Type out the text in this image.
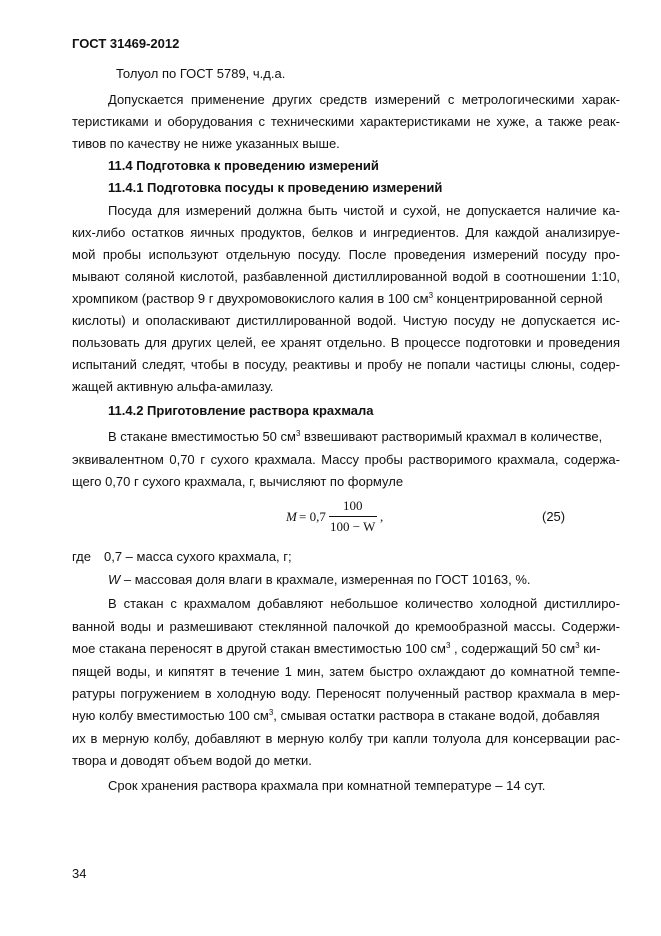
ГОСТ 31469-2012
Толуол по ГОСТ 5789, ч.д.а.
Допускается применение других средств измерений с метрологическими харак-
теристиками и оборудования с техническими характеристиками не хуже, а также реак-
тивов по качеству не ниже указанных выше.
11.4 Подготовка к проведению измерений
11.4.1 Подготовка посуды к проведению измерений
Посуда для измерений должна быть чистой и сухой, не допускается наличие ка-
ких-либо остатков яичных продуктов, белков и ингредиентов. Для каждой анализируе-
мой пробы используют отдельную посуду. После проведения измерений посуду про-
мывают соляной кислотой, разбавленной дистиллированной водой в соотношении 1:10,
хромпиком (раствор 9 г двухромовокислого калия в 100 $см^3$ концентрированной серной
кислоты) и ополаскивают дистиллированной водой. Чистую посуду не допускается ис-
пользовать для других целей, ее хранят отдельно. В процессе подготовки и проведения
испытаний следят, чтобы в посуду, реактивы и пробу не попали частицы слюны, содер-
жащей активную альфа-амилазу.
11.4.2 Приготовление раствора крахмала
В стакане вместимостью 50 $см^3$ взвешивают растворимый крахмал в количестве,
эквивалентном 0,70 г сухого крахмала. Массу пробы растворимого крахмала, содержа-
щего 0,70 г сухого крахмала, г, вычисляют по формуле
M = 0,7
100
100 − W
,	(25)
где 0,7 – масса сухого крахмала, г;
W – массовая доля влаги в крахмале, измеренная по ГОСТ 10163, %.
В стакан с крахмалом добавляют небольшое количество холодной дистиллиро-
ванной воды и размешивают стеклянной палочкой до кремообразной массы. Содержи-
мое стакана переносят в другой стакан вместимостью 100 $см^3$ , содержащий 50 $см^3$ ки-
пящей воды, и кипятят в течение 1 мин, затем быстро охлаждают до комнатной темпе-
ратуры погружением в холодную воду. Переносят полученный раствор крахмала в мер-
ную колбу вместимостью 100 $см^3$, смывая остатки раствора в стакане водой, добавляя
их в мерную колбу, добавляют в мерную колбу три капли толуола для консервации рас-
твора и доводят объем водой до метки.
Срок хранения раствора крахмала при комнатной температуре – 14 сут.
34
